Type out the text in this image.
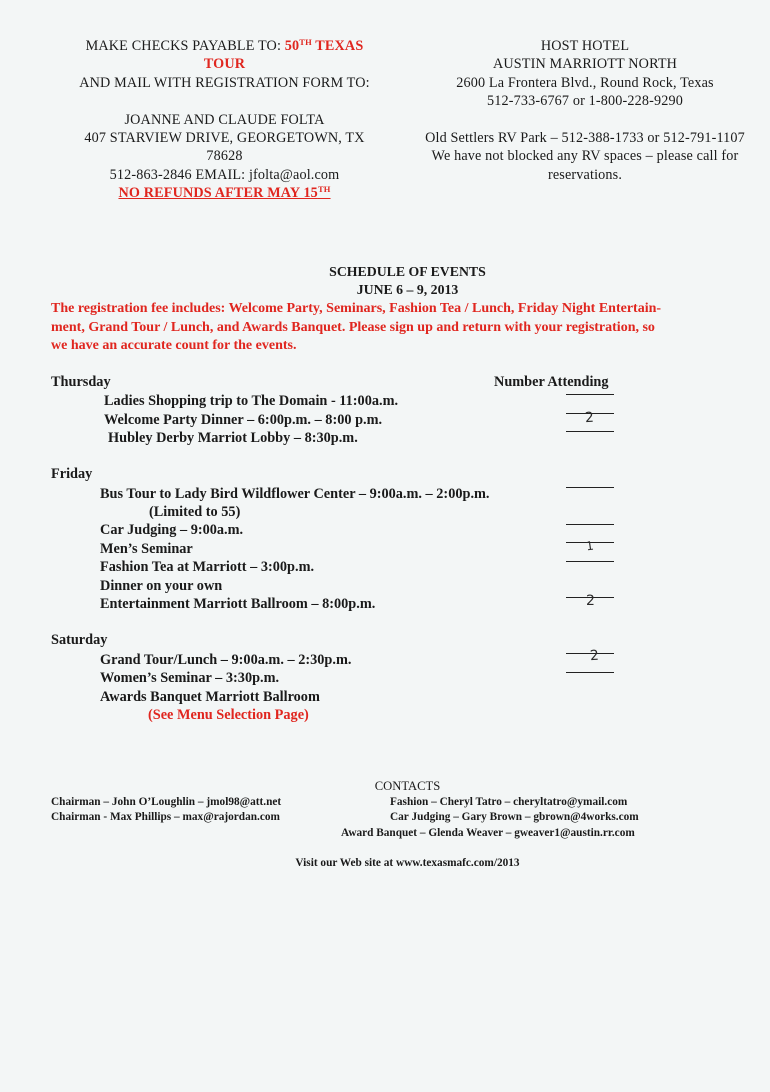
MAKE CHECKS PAYABLE TO: 50TH TEXAS
TOUR
AND MAIL WITH REGISTRATION FORM TO:
JOANNE AND CLAUDE FOLTA
407 STARVIEW DRIVE, GEORGETOWN, TX
78628
512-863-2846 EMAIL: jfolta@aol.com
NO REFUNDS AFTER MAY 15TH
HOST HOTEL
AUSTIN MARRIOTT NORTH
2600 La Frontera Blvd., Round Rock, Texas
512-733-6767 or 1-800-228-9290
Old Settlers RV Park – 512-388-1733 or 512-791-1107
We have not blocked any RV spaces – please call for
reservations.
SCHEDULE OF EVENTS
JUNE 6 – 9, 2013
The registration fee includes: Welcome Party, Seminars, Fashion Tea / Lunch, Friday Night Entertain-
ment, Grand Tour / Lunch, and Awards Banquet. Please sign up and return with your registration, so
we have an accurate count for the events.
Thursday	Number Attending
Ladies Shopping trip to The Domain - 11:00a.m.
Welcome Party Dinner – 6:00p.m. – 8:00 p.m.	2
Hubley Derby Marriot Lobby – 8:30p.m.
Friday
Bus Tour to Lady Bird Wildflower Center – 9:00a.m. – 2:00p.m.
(Limited to 55)
Car Judging – 9:00a.m.
Men’s Seminar	1
Fashion Tea at Marriott – 3:00p.m.
Dinner on your own
Entertainment Marriott Ballroom – 8:00p.m.	2
Saturday
Grand Tour/Lunch – 9:00a.m. – 2:30p.m.	2
Women’s Seminar – 3:30p.m.
Awards Banquet Marriott Ballroom
(See Menu Selection Page)
CONTACTS
Chairman – John O’Loughlin – jmol98@att.net
Chairman - Max Phillips – max@rajordan.com
Fashion – Cheryl Tatro – cheryltatro@ymail.com
Car Judging – Gary Brown – gbrown@4works.com
Award Banquet – Glenda Weaver – gweaver1@austin.rr.com
Visit our Web site at www.texasmafc.com/2013
